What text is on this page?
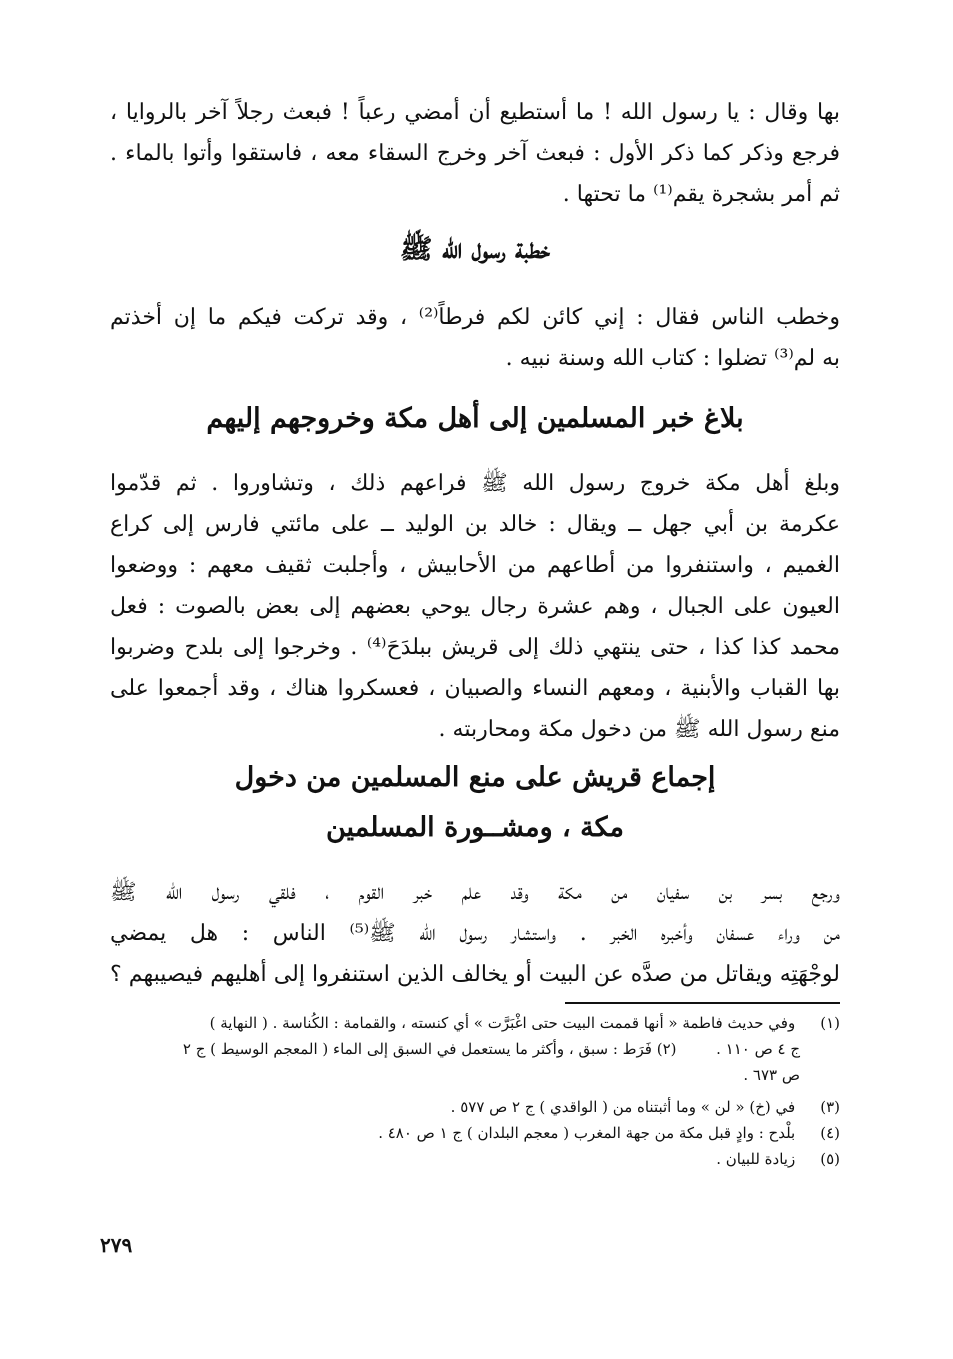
بها وقال : يا رسول الله ! ما أستطيع أن أمضي رعباً ! فبعث رجلاً آخر بالروايا ،
فرجع وذكر كما ذكر الأول : فبعث آخر وخرج السقاء معه ، فاستقوا وأتوا بالماء .
ثم أمر بشجرة يقم⁽¹⁾ ما تحتها .
خطبة رسول الله ﷺ
وخطب الناس فقال : إني كائن لكم فرطاً⁽²⁾ ، وقد تركت فيكم ما إن أخذتم
به لم⁽³⁾ تضلوا : كتاب الله وسنة نبيه .
بلاغ خبر المسلمين إلى أهل مكة وخروجهم إليهم
وبلغ أهل مكة خروج رسول الله ﷺ فراعهم ذلك ، وتشاوروا . ثم قدّموا
عكرمة بن أبي جهل ــ ويقال : خالد بن الوليد ــ على مائتي فارس إلى كراع
الغميم ، واستنفروا من أطاعهم من الأحابيش ، وأجلبت ثقيف معهم : ووضعوا
العيون على الجبال ، وهم عشرة رجال يوحي بعضهم إلى بعض بالصوت : فعل
محمد كذا كذا ، حتى ينتهي ذلك إلى قريش ببلدَحَ⁽⁴⁾ . وخرجوا إلى بلدح وضربوا
بها القباب والأبنية ، ومعهم النساء والصبيان ، فعسكروا هناك ، وقد أجمعوا على
منع رسول الله ﷺ من دخول مكة ومحاربته .
إجماع قريش على منع المسلمين من دخول
مكة ، ومشــورة المسلمين
ورجع بسر بن سفيان من مكة وقد علم خبر القوم ، فلقي رسول الله ﷺ
من وراء عسفان وأخبره الخبر . واستشار رسول الله ﷺ⁽⁵⁾ الناس : هل يمضي
لوجْهَتِه ويقاتل من صدَّه عن البيت أو يخالف الذين استنفروا إلى أهليهم فيصيبهم ؟
(١) وفي حديث فاطمة « أنها قممت البيت حتى اغْبَرَّت » أي كنسته ، والقمامة : الكُناسة . ( النهاية )
ج ٤ ص ١١٠ .  (٢) فَرَط : سبق ، وأكثر ما يستعمل في السبق إلى الماء ( المعجم الوسيط ) ج ٢
ص ٦٧٣ .
(٣) في (خ) « لن » وما أثبتناه من ( الواقدي ) ج ٢ ص ٥٧٧ .
(٤) بلْدح : وادٍ قبل مكة من جهة المغرب ( معجم البلدان ) ج ١ ص ٤٨٠ .
(٥) زيادة للبيان .
٢٧٩
